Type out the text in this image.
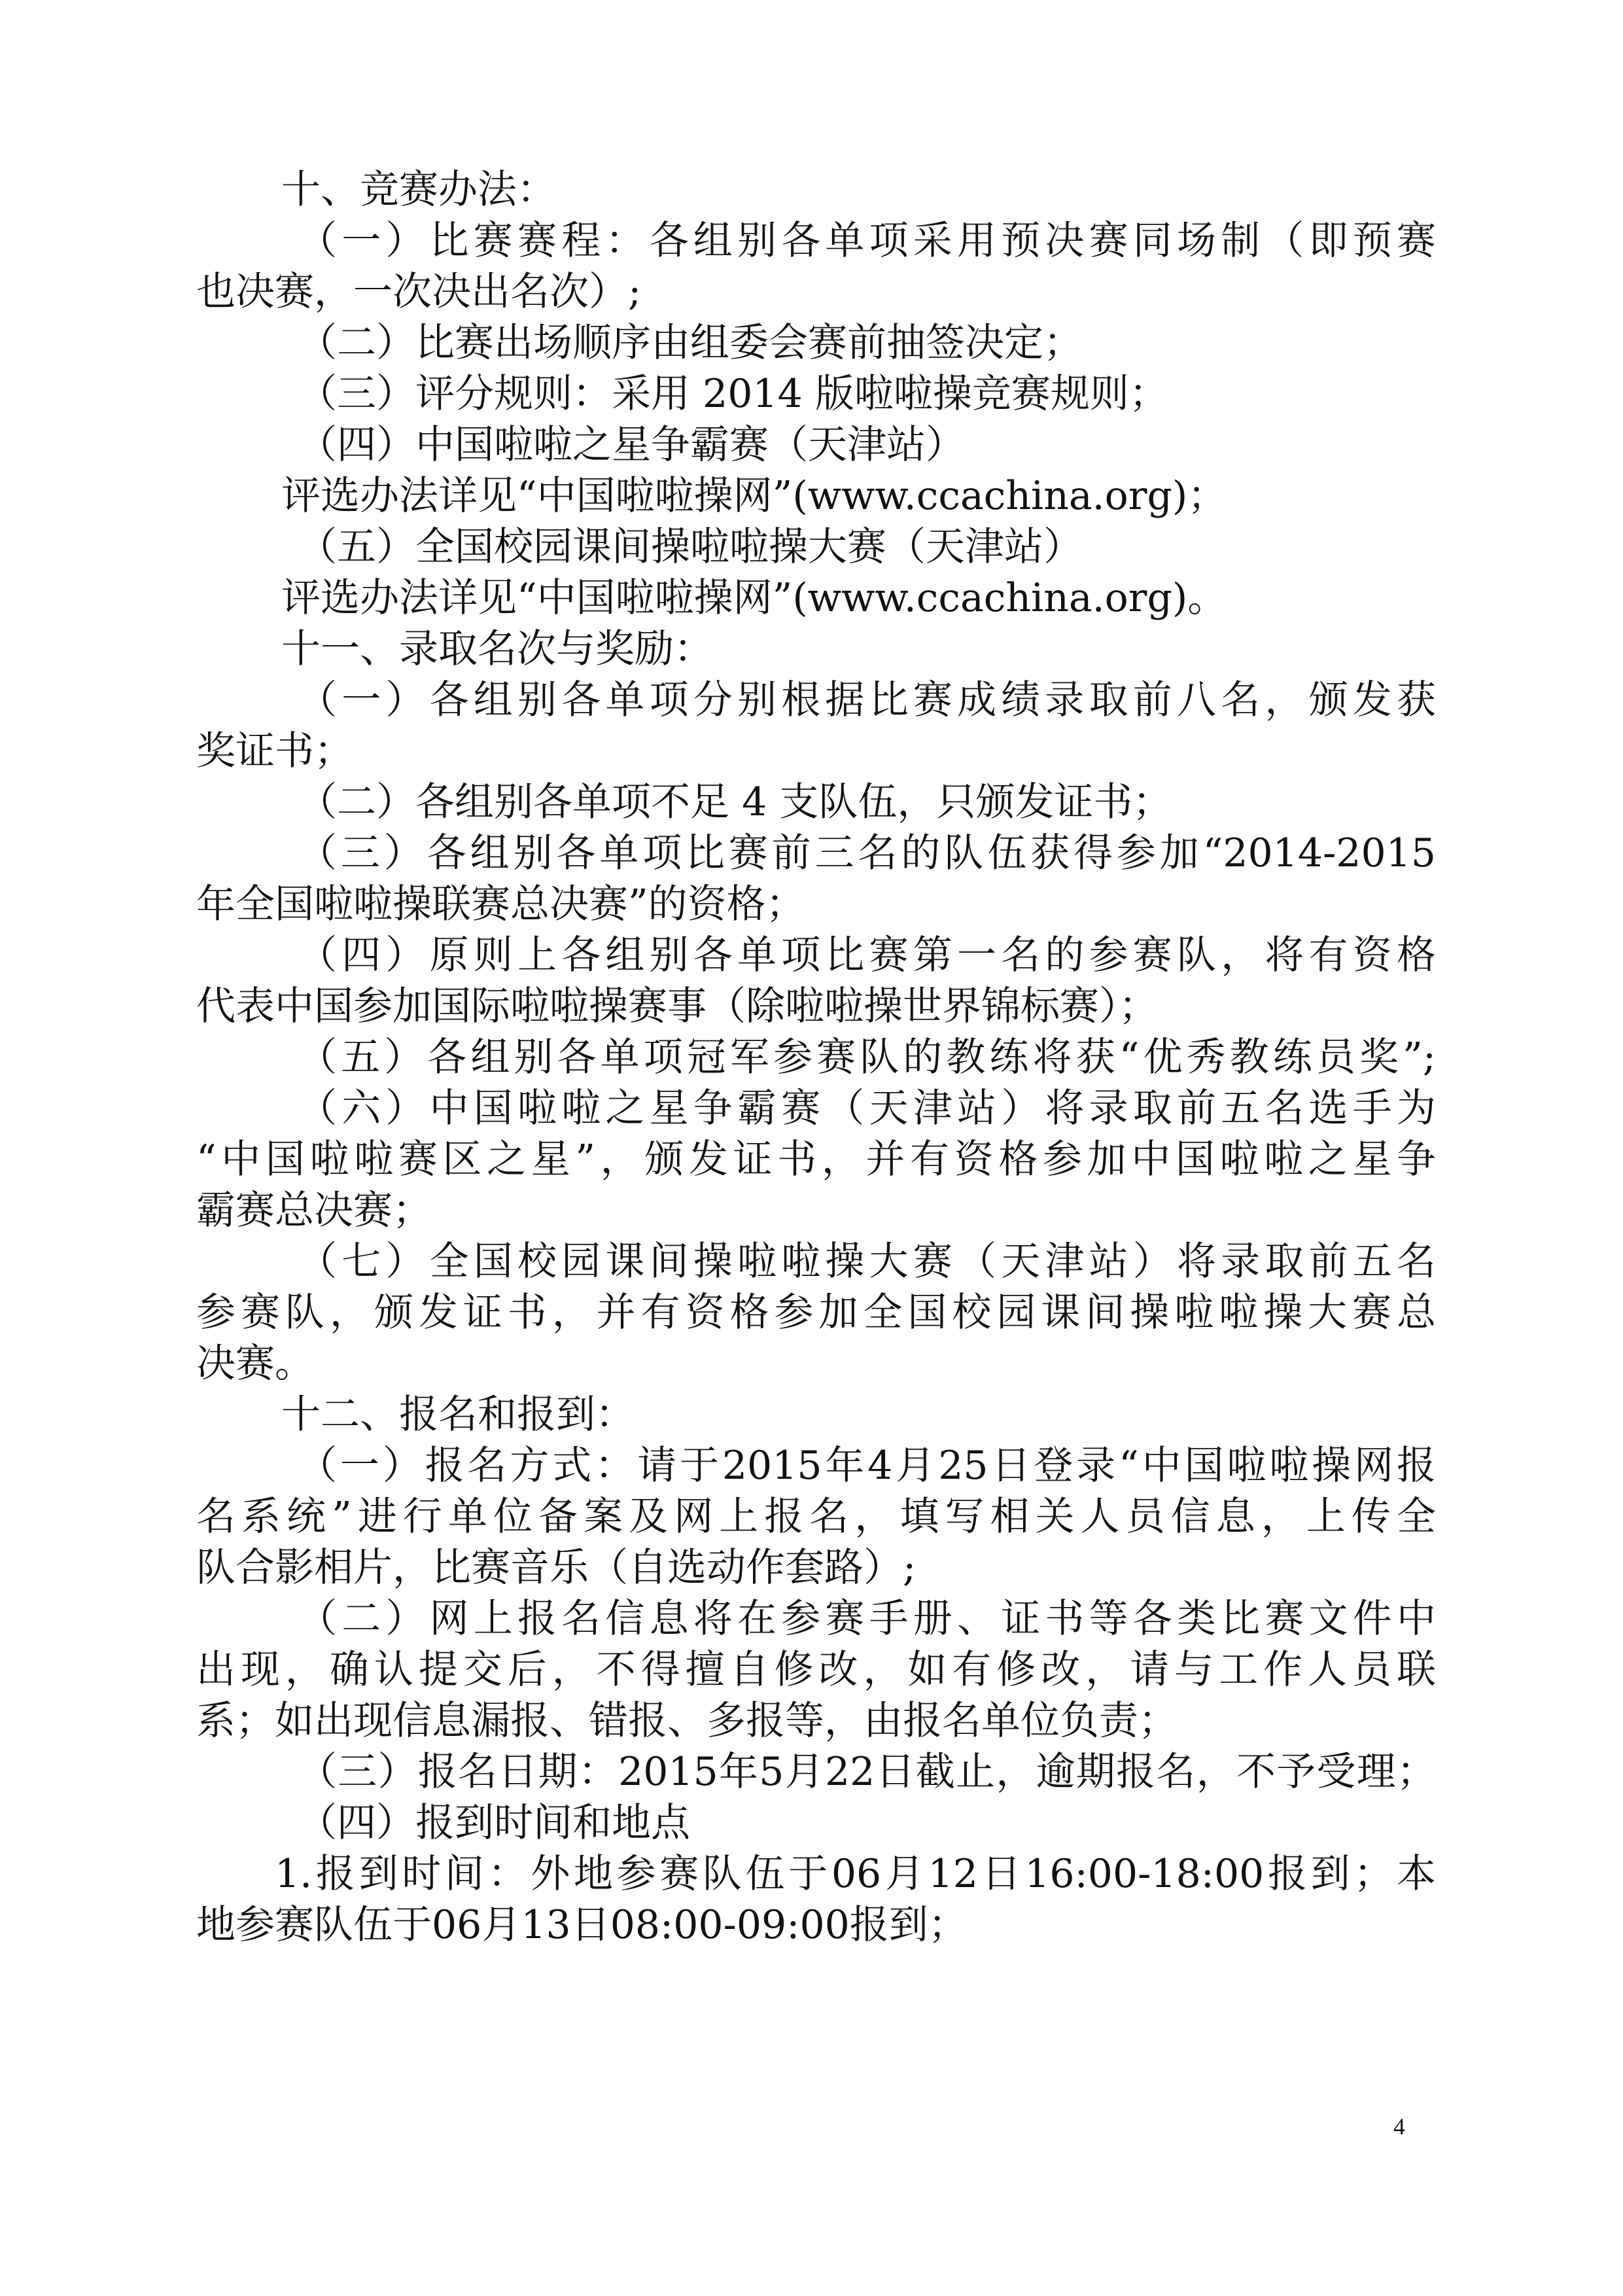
十、竞赛办法：
（一）比赛赛程：各组别各单项采用预决赛同场制（即预赛
也决赛，一次决出名次）;
（二）比赛出场顺序由组委会赛前抽签决定；
（三）评分规则：采用 2014 版啦啦操竞赛规则；
（四）中国啦啦之星争霸赛（天津站）
评选办法详见“中国啦啦操网”(www.ccachina.org)；
（五）全国校园课间操啦啦操大赛（天津站）
评选办法详见“中国啦啦操网”(www.ccachina.org)。
十一、录取名次与奖励：
（一）各组别各单项分别根据比赛成绩录取前八名，颁发获
奖证书；
（二）各组别各单项不足 4 支队伍，只颁发证书；
（三）各组别各单项比赛前三名的队伍获得参加“2014-2015
年全国啦啦操联赛总决赛”的资格；
（四）原则上各组别各单项比赛第一名的参赛队，将有资格
代表中国参加国际啦啦操赛事（除啦啦操世界锦标赛）；
（五）各组别各单项冠军参赛队的教练将获“优秀教练员奖”;
（六）中国啦啦之星争霸赛（天津站）将录取前五名选手为
“中国啦啦赛区之星”，颁发证书，并有资格参加中国啦啦之星争
霸赛总决赛；
（七）全国校园课间操啦啦操大赛（天津站）将录取前五名
参赛队，颁发证书，并有资格参加全国校园课间操啦啦操大赛总
决赛。
十二、报名和报到：
（一）报名方式：请于2015年4月25日登录“中国啦啦操网报
名系统”进行单位备案及网上报名，填写相关人员信息，上传全
队合影相片，比赛音乐（自选动作套路）;
（二）网上报名信息将在参赛手册、证书等各类比赛文件中
出现，确认提交后，不得擅自修改，如有修改，请与工作人员联
系；如出现信息漏报、错报、多报等，由报名单位负责；
（三）报名日期：2015年5月22日截止，逾期报名，不予受理；
（四）报到时间和地点
1.报到时间：外地参赛队伍于06月12日16:00-18:00报到；本
地参赛队伍于06月13日08:00-09:00报到；
4
